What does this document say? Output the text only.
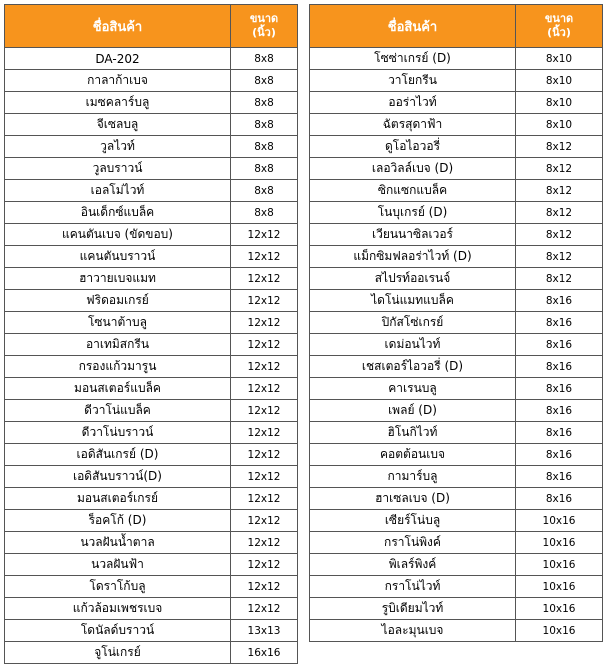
ชื่อสินค้า	ขนาด
(นิ้ว)
DA-202	8x8
กาลาก้าเบจ	8x8
เมซคลาร์บลู	8x8
จีเซลบลู	8x8
วูลไวท์	8x8
วูลบราวน์	8x8
เอลโม่ไวท์	8x8
อินเด็กซ์แบล็ค	8x8
แคนตันเบจ (ขัดขอบ)	12x12
แคนตันบราวน์	12x12
ฮาวายเบจแมท	12x12
ฟริดอมเกรย์	12x12
โซนาต้าบลู	12x12
อาเทมิสกรีน	12x12
กรองแก้วมารูน	12x12
มอนสเตอร์แบล็ค	12x12
ดีวาโน่แบล็ค	12x12
ดีวาโน่บราวน์	12x12
เอดิสันเกรย์ (D)	12x12
เอดิสันบราวน์(D)	12x12
มอนสเตอร์เกรย์	12x12
ร็อคโก้ (D)	12x12
นวลฝันน้ำตาล	12x12
นวลฝันฟ้า	12x12
โดราโก้บลู	12x12
แก้วล้อมเพชรเบจ	12x12
โดนัลด์บราวน์	13x13
จูโน่เกรย์	16x16
ชื่อสินค้า	ขนาด
(นิ้ว)
โซซ่าเกรย์ (D)	8x10
วาโยกรีน	8x10
ออร่าไวท์	8x10
ฉัตรสุดาฟ้า	8x10
ดูโอไอวอรี่	8x12
เลอวิลล์เบจ (D)	8x12
ซิกแซกแบล็ค	8x12
โนบุเกรย์ (D)	8x12
เวียนนาซิลเวอร์	8x12
แม็กซิมฟลอร่าไวท์ (D)	8x12
สไปรท์ออเรนจ์	8x12
ไดโน่แมทแบล็ค	8x16
ปิกัสโซ่เกรย์	8x16
เดม่อนไวท์	8x16
เชสเตอร์ไอวอรี่ (D)	8x16
คาเรนบลู	8x16
เพลย์ (D)	8x16
ฮิโนกิไวท์	8x16
คอตต้อนเบจ	8x16
กามาร์บลู	8x16
ฮาเซลเบจ (D)	8x16
เซียร์โน่บลู	10x16
กราโน่พิงค์	10x16
พิเลร์พิงค์	10x16
กราโน่ไวท์	10x16
รูบิเดียมไวท์	10x16
ไอละมุนเบจ	10x16
